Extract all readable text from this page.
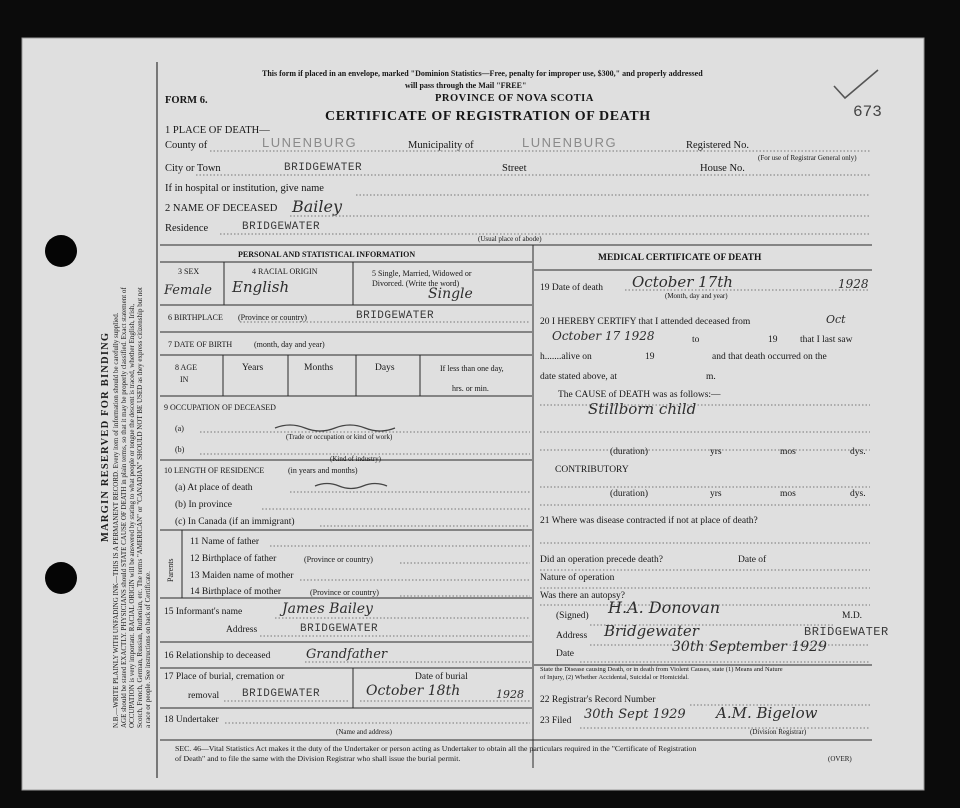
This form if placed in an envelope, marked "Dominion Statistics—Free, penalty for improper use, $300," and properly addressed
will pass through the Mail "FREE"
FORM 6.	PROVINCE OF NOVA SCOTIA
CERTIFICATE OF REGISTRATION OF DEATH	673
MARGIN RESERVED FOR BINDING N.B.—WRITE PLAINLY WITH UNFADING INK—THIS IS A PERMANENT RECORD. Every item of information should be carefully supplied. AGE should be stated EXACTLY. PHYSICIANS should STATE CAUSE OF DEATH in plain terms, so that it may be properly classified. Exact statement of OCCUPATION is very important. RACIAL ORIGIN will be answered by stating to what people or tongue the descent is traced, whether English, Irish, Scotch, French, German, Russian, Ruthenian, etc. The terms "AMERICAN" or "CANADIAN" SHOULD NOT BE USED as they express citizenship but not a race or people. See instructions on back of Certificate.
1 PLACE OF DEATH—
County of	LUNENBURG	Municipality of	LUNENBURG	Registered No.
(For use of Registrar General only)
City or Town	BRIDGEWATER	Street	House No.
If in hospital or institution, give name
2 NAME OF DECEASED Bailey
Residence	BRIDGEWATER
(Usual place of abode)
PERSONAL AND STATISTICAL INFORMATION
3 SEX
Female
4 RACIAL ORIGIN
English
5 Single, Married, Widowed or
Divorced. (Write the word)
Single
6 BIRTHPLACE (Province or country)	BRIDGEWATER
7 DATE OF BIRTH	(month, day and year)
8 AGE
IN
Years	Months	Days	If less than one day,
hrs. or min.
9 OCCUPATION OF DECEASED
(a)
(Trade or occupation or kind of work)
(b)
(Kind of industry)
10 LENGTH OF RESIDENCE	(in years and months)
(a) At place of death
(b) In province
(c) In Canada (if an immigrant)
Parents
11 Name of father
12 Birthplace of father	(Province or country)
13 Maiden name of mother
14 Birthplace of mother	(Province or country)
15 Informant's name	James Bailey
Address	BRIDGEWATER
16 Relationship to deceased	Grandfather
17 Place of burial, cremation or
removal BRIDGEWATER
Date of burial
October 18th	1928
18 Undertaker
(Name and address)
MEDICAL CERTIFICATE OF DEATH
19 Date of death October 17th	1928
(Month, day and year)
20 I HEREBY CERTIFY that I attended deceased from	Oct
October 17 1928	to	19 that I last saw
h.......alive on	19	and that death occurred on the
date stated above, at	m.
The CAUSE of DEATH was as follows:—
Stillborn child
(duration)	yrs	mos	dys.
CONTRIBUTORY
(duration)	yrs	mos	dys.
21 Where was disease contracted if not at place of death?
Did an operation precede death?	Date of
Nature of operation
Was there an autopsy?
(Signed) H.A. Donovan	M.D.
Address Bridgewater	BRIDGEWATER
Date	30th September 1929
State the Disease causing Death, or in death from Violent Causes, state (1) Means and Nature
of Injury, (2) Whether Accidental, Suicidal or Homicidal.
22 Registrar's Record Number
23 Filed 30th Sept 1929 A.M. Bigelow
(Division Registrar)
SEC. 46—Vital Statistics Act makes it the duty of the Undertaker or person acting as Undertaker to obtain all the particulars required in the "Certificate of Registration
of Death" and to file the same with the Division Registrar who shall issue the burial permit.	(OVER)
